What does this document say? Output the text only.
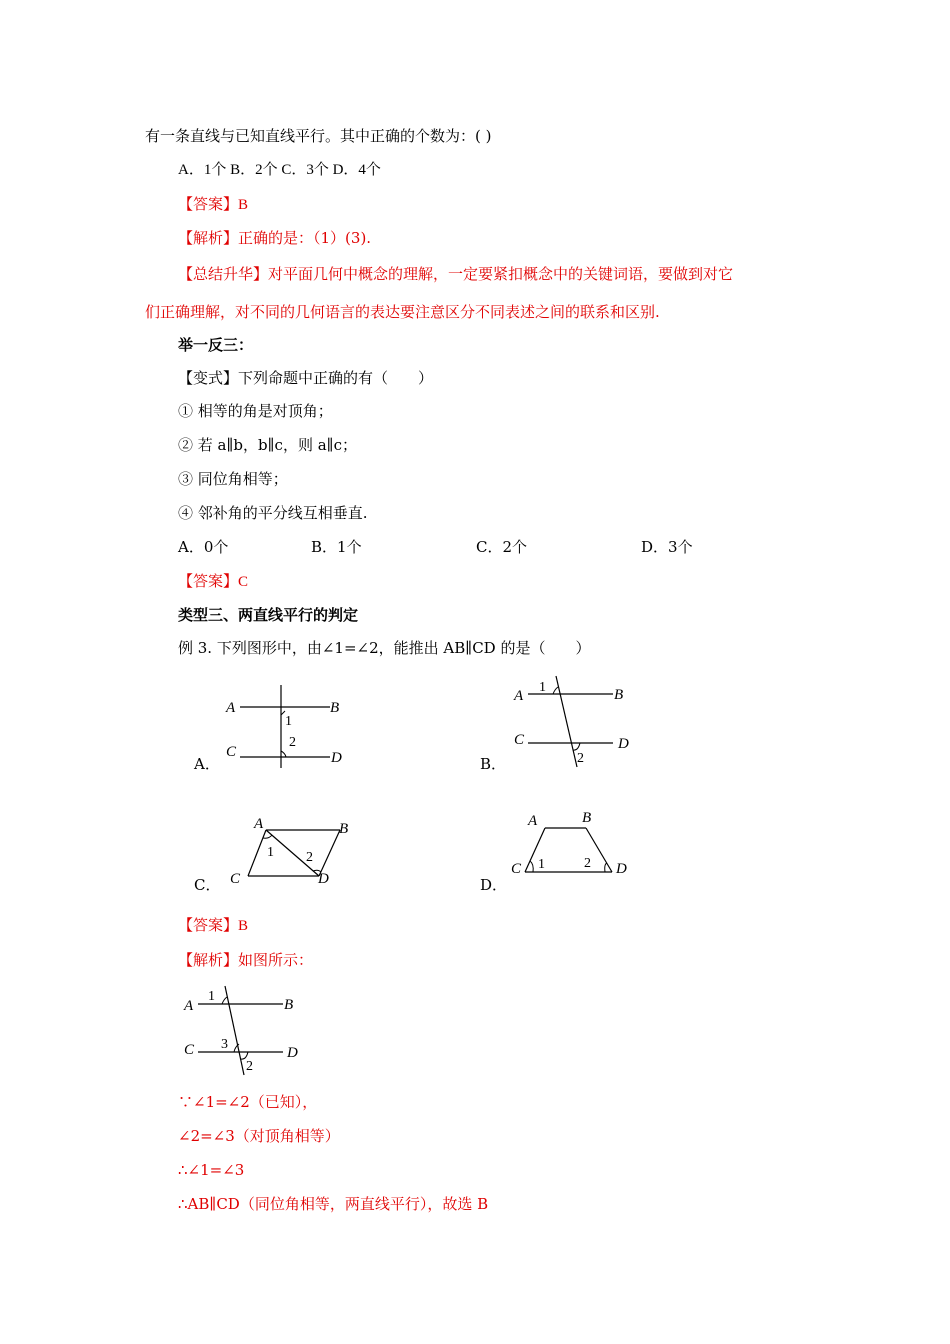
有一条直线与已知直线平行。其中正确的个数为：( )
A．1个 B．2个 C．3个 D．4个
【答案】B
【解析】正确的是：（1）(3).
【总结升华】对平面几何中概念的理解，一定要紧扣概念中的关键词语，要做到对它
们正确理解，对不同的几何语言的表达要注意区分不同表述之间的联系和区别.
举一反三：
【变式】下列命题中正确的有（　　）
① 相等的角是对顶角；
② 若 a∥b，b∥c，则 a∥c；
③ 同位角相等；
④ 邻补角的平分线互相垂直.
A．0个	B．1个	C．2个	D．3个
【答案】C
类型三、两直线平行的判定
例 3. 下列图形中，由∠1=∠2，能推出 AB∥CD 的是（　　）
A．
A	B
C	D
1
2
B．
A	B
C	D
1
2
C．
A	B
C	D
1 2
D．
A	B
C	D
1	2
【答案】B
【解析】如图所示：
A	B
C	D
1
3
2
∵∠1=∠2（已知），
∠2=∠3（对顶角相等）
∴∠1=∠3
∴AB∥CD（同位角相等，两直线平行），故选 B
